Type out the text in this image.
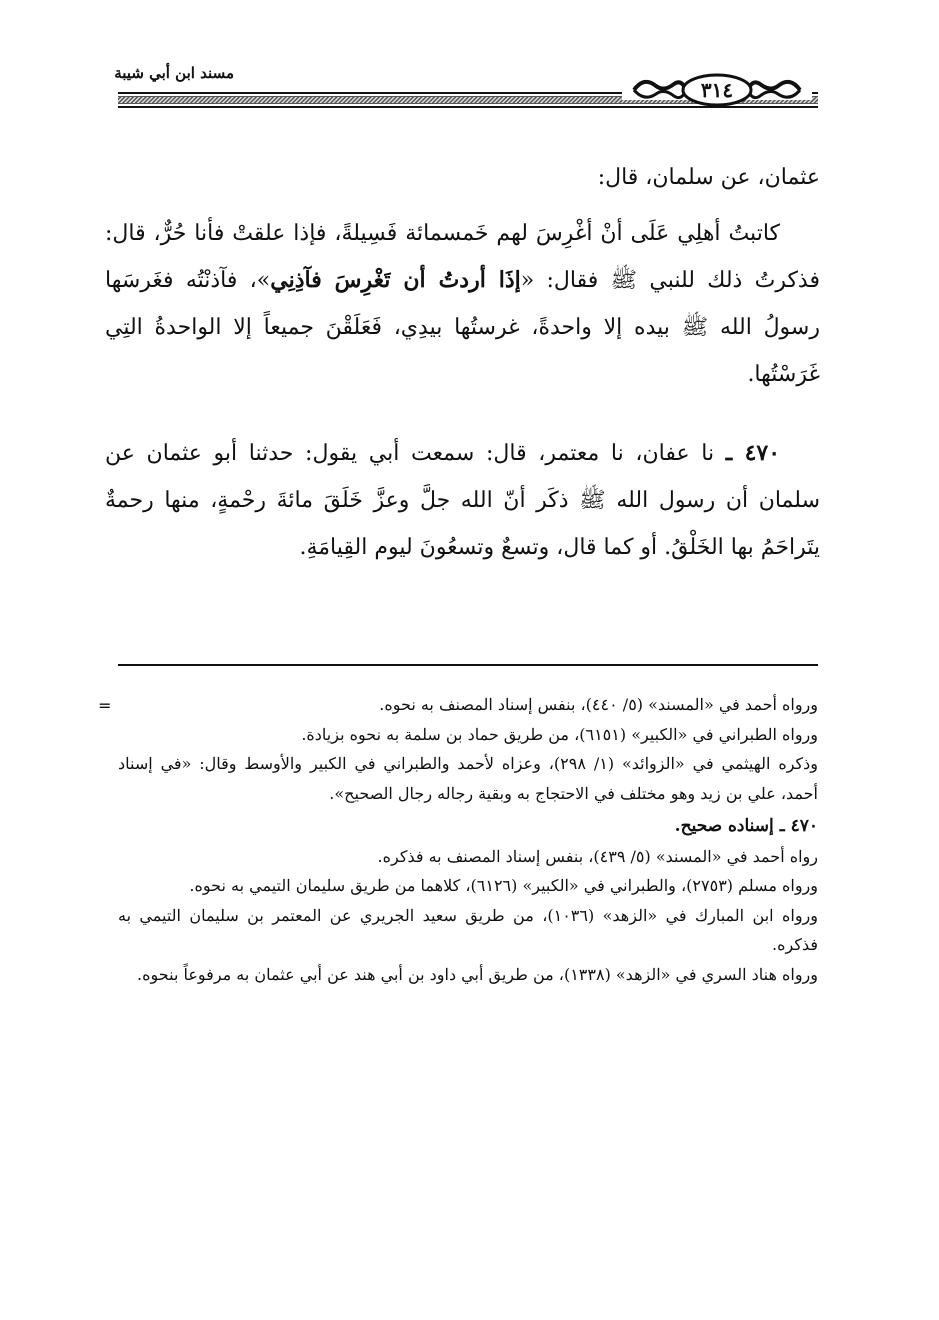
مسند ابن أبي شيبة
٣١٤

عثمان، عن سلمان، قال:

كاتبتُ أهلِي عَلَى أنْ أغْرِسَ لهم خَمسمائة فَسِيلةً، فإذا علقتْ فأنا حُرٌّ، قال: فذكرتُ ذلك للنبي ﷺ فقال: «إذَا أردتُ أن تَغْرِسَ فآذِنِي»، فآذنْتُه فغَرسَها رسولُ الله ﷺ بيده إلا واحدةً، غرستُها بيدِي، فَعَلَقْنَ جميعاً إلا الواحدةُ التِي غَرَسْتُها.

٤٧٠ ـ نا عفان، نا معتمر، قال: سمعت أبي يقول: حدثنا أبو عثمان عن سلمان أن رسول الله ﷺ ذكَر أنّ الله جلَّ وعزَّ خَلَقَ مائةَ رحْمةٍ، منها رحمةٌ يتَراحَمُ بها الخَلْقُ. أو كما قال، وتسعٌ وتسعُونَ ليوم القِيامَةِ.

=	ورواه أحمد في «المسند» (٥/ ٤٤٠)، بنفس إسناد المصنف به نحوه.

ورواه الطبراني في «الكبير» (٦١٥١)، من طريق حماد بن سلمة به نحوه بزيادة.

وذكره الهيثمي في «الزوائد» (١/ ٢٩٨)، وعزاه لأحمد والطبراني في الكبير والأوسط وقال: «في إسناد أحمد، علي بن زيد وهو مختلف في الاحتجاج به وبقية رجاله رجال الصحيح».

٤٧٠ ـ إسناده صحيح.

رواه أحمد في «المسند» (٥/ ٤٣٩)، بنفس إسناد المصنف به فذكره.

ورواه مسلم (٢٧٥٣)، والطبراني في «الكبير» (٦١٢٦)، كلاهما من طريق سليمان التيمي به نحوه.

ورواه ابن المبارك في «الزهد» (١٠٣٦)، من طريق سعيد الجريري عن المعتمر بن سليمان التيمي به فذكره.

ورواه هناد السري في «الزهد» (١٣٣٨)، من طريق أبي داود بن أبي هند عن أبي عثمان به مرفوعاً بنحوه.
